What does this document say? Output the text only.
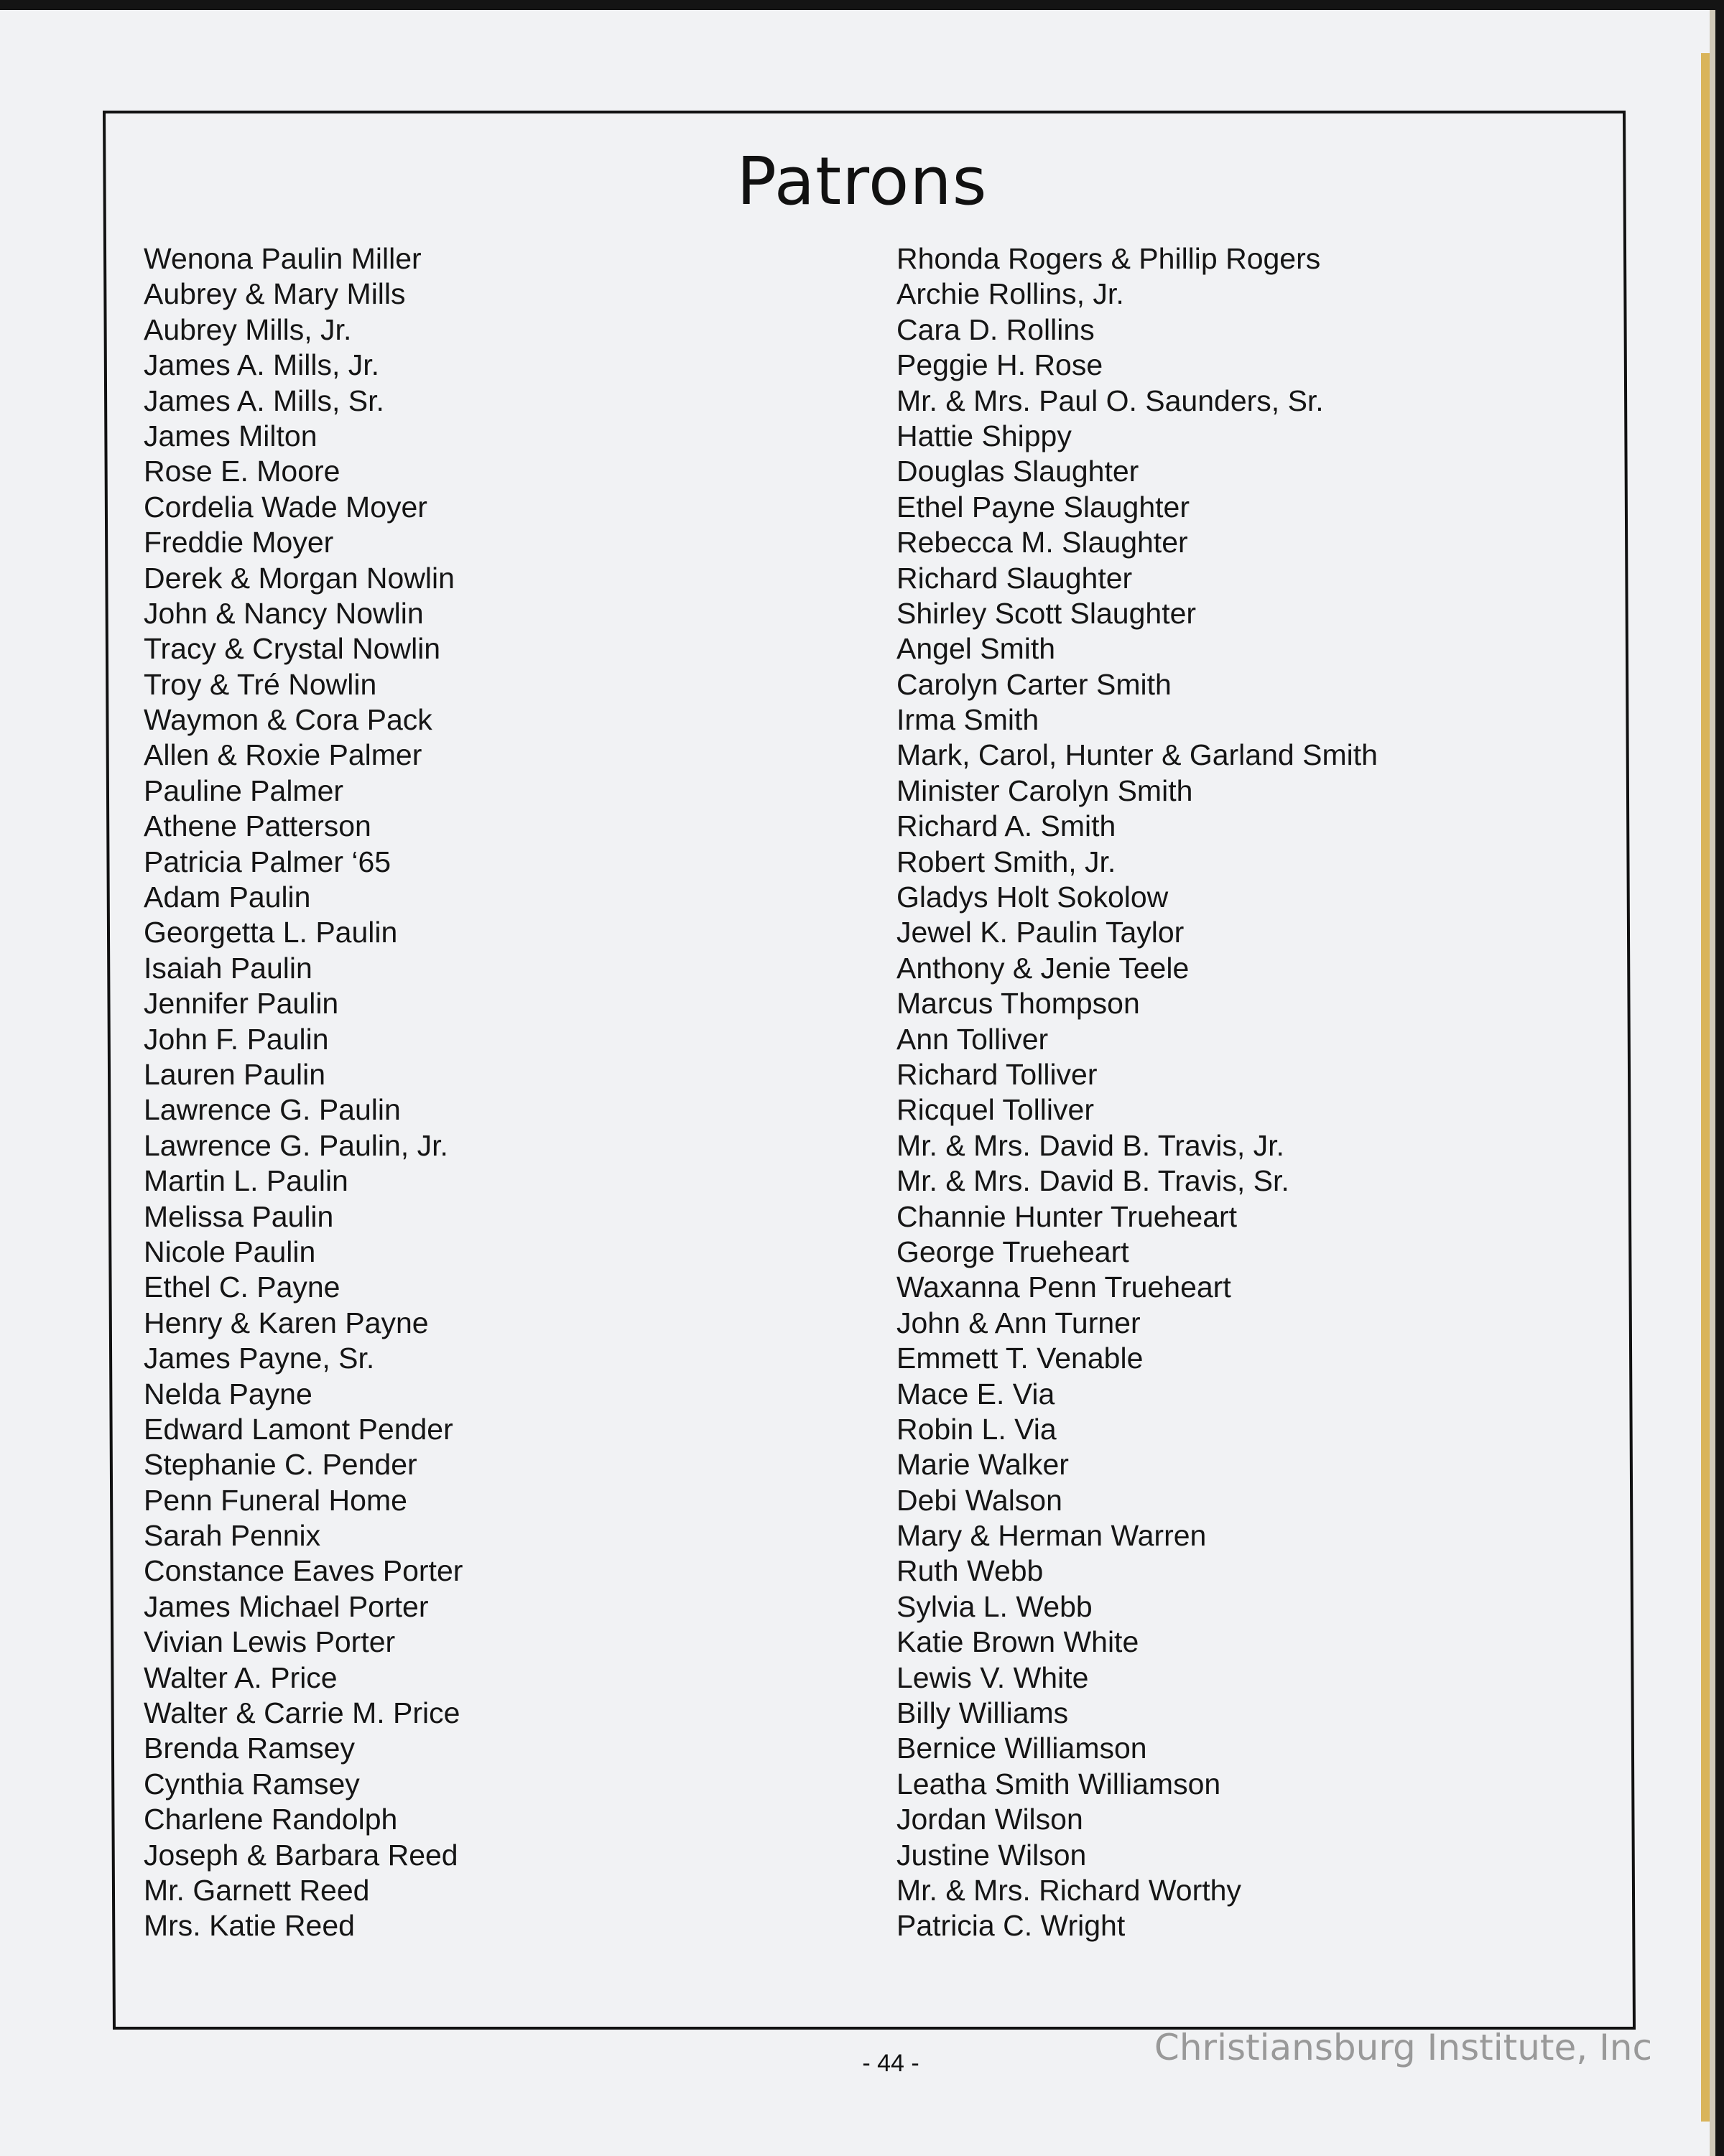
Patrons
Wenona Paulin Miller
Aubrey & Mary Mills
Aubrey Mills, Jr.
James A. Mills, Jr.
James A. Mills, Sr.
James Milton
Rose E. Moore
Cordelia Wade Moyer
Freddie Moyer
Derek & Morgan Nowlin
John & Nancy Nowlin
Tracy & Crystal Nowlin
Troy & Tré Nowlin
Waymon & Cora Pack
Allen & Roxie Palmer
Pauline Palmer
Athene Patterson
Patricia Palmer ‘65
Adam Paulin
Georgetta L. Paulin
Isaiah Paulin
Jennifer Paulin
John F. Paulin
Lauren Paulin
Lawrence G. Paulin
Lawrence G. Paulin, Jr.
Martin L. Paulin
Melissa Paulin
Nicole Paulin
Ethel C. Payne
Henry & Karen Payne
James Payne, Sr.
Nelda Payne
Edward Lamont Pender
Stephanie C. Pender
Penn Funeral Home
Sarah Pennix
Constance Eaves Porter
James Michael Porter
Vivian Lewis Porter
Walter A. Price
Walter & Carrie M. Price
Brenda Ramsey
Cynthia Ramsey
Charlene Randolph
Joseph & Barbara Reed
Mr. Garnett Reed
Mrs. Katie Reed
Rhonda Rogers & Phillip Rogers
Archie Rollins, Jr.
Cara D. Rollins
Peggie H. Rose
Mr. & Mrs. Paul O. Saunders, Sr.
Hattie Shippy
Douglas Slaughter
Ethel Payne Slaughter
Rebecca M. Slaughter
Richard Slaughter
Shirley Scott Slaughter
Angel Smith
Carolyn Carter Smith
Irma Smith
Mark, Carol, Hunter & Garland Smith
Minister Carolyn Smith
Richard A. Smith
Robert Smith, Jr.
Gladys Holt Sokolow
Jewel K. Paulin Taylor
Anthony & Jenie Teele
Marcus Thompson
Ann Tolliver
Richard Tolliver
Ricquel Tolliver
Mr. & Mrs. David B. Travis, Jr.
Mr. & Mrs. David B. Travis, Sr.
Channie Hunter Trueheart
George Trueheart
Waxanna Penn Trueheart
John & Ann Turner
Emmett T. Venable
Mace E. Via
Robin L. Via
Marie Walker
Debi Walson
Mary & Herman Warren
Ruth Webb
Sylvia L. Webb
Katie Brown White
Lewis V. White
Billy Williams
Bernice Williamson
Leatha Smith Williamson
Jordan Wilson
Justine Wilson
Mr. & Mrs. Richard Worthy
Patricia C. Wright
- 44 -	Christiansburg Institute, Inc
